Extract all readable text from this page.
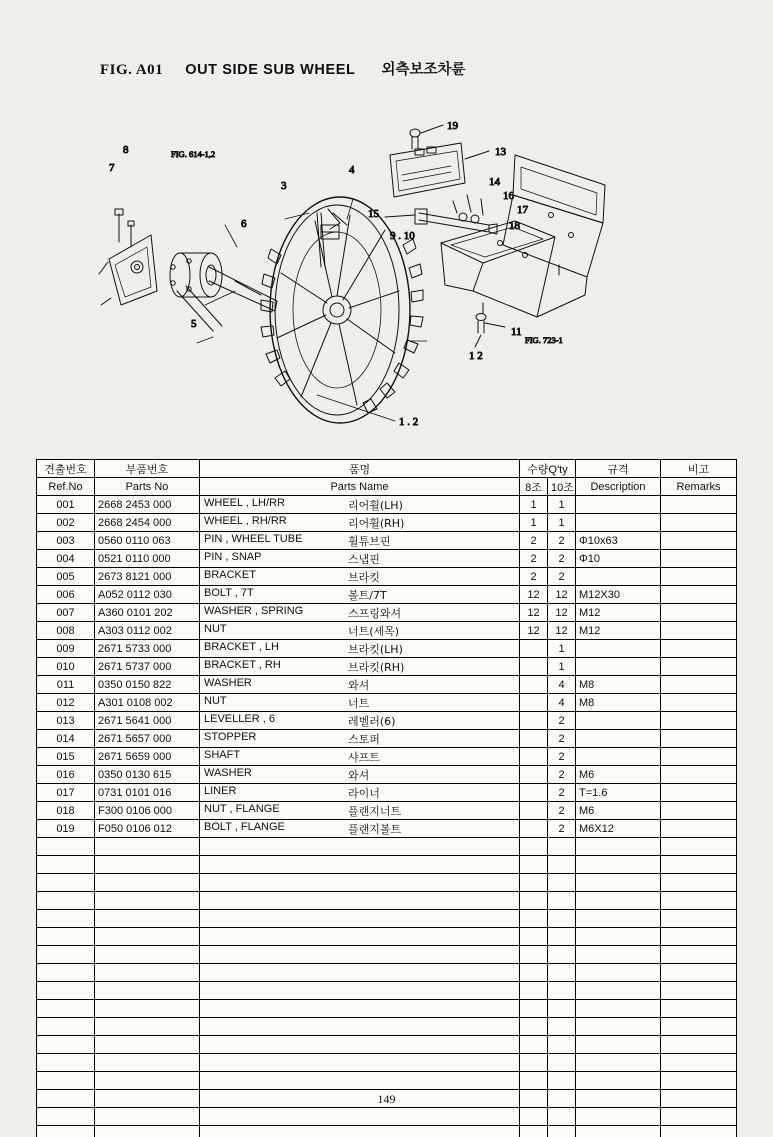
FIG. A01 OUT SIDE SUB WHEEL 외측보조차륜
1 . 2
3
4
5
6
7
8
9 . 10
11
1 2
13
14
15
16
17
18
19
FIG. 614-1,2
FIG. 723-1
견출번호	부품번호	품명	수량Q'ty		규격	비고
Ref.No	Parts No	Parts Name	8조	10조	Description	Remarks
001	2668 2453 000	WHEEL , LH/RR 리어휠(LH)	1	1		
002	2668 2454 000	WHEEL , RH/RR 리어휠(RH)	1	1		
003	0560 0110 063	PIN , WHEEL TUBE 휠튜브핀	2	2	Φ10x63	
004	0521 0110 000	PIN , SNAP 스냅핀	2	2	Φ10	
005	2673 8121 000	BRACKET 브라킷	2	2		
006	A052 0112 030	BOLT , 7T 볼트/7T	12	12	M12X30	
007	A360 0101 202	WASHER , SPRING 스프링와셔	12	12	M12	
008	A303 0112 002	NUT 너트(세목)	12	12	M12	
009	2671 5733 000	BRACKET , LH 브라킷(LH)		1		
010	2671 5737 000	BRACKET , RH 브라킷(RH)		1		
011	0350 0150 822	WASHER 와셔		4	M8	
012	A301 0108 002	NUT 너트		4	M8	
013	2671 5641 000	LEVELLER , 6 레벨러(6)		2		
014	2671 5657 000	STOPPER 스토퍼		2		
015	2671 5659 000	SHAFT 샤프트		2		
016	0350 0130 615	WASHER 와셔		2	M6	
017	0731 0101 016	LINER 라이너		2	T=1.6	
018	F300 0106 000	NUT , FLANGE 플랜지너트		2	M6	
019	F050 0106 012	BOLT , FLANGE 플랜지볼트		2	M6X12	

149
